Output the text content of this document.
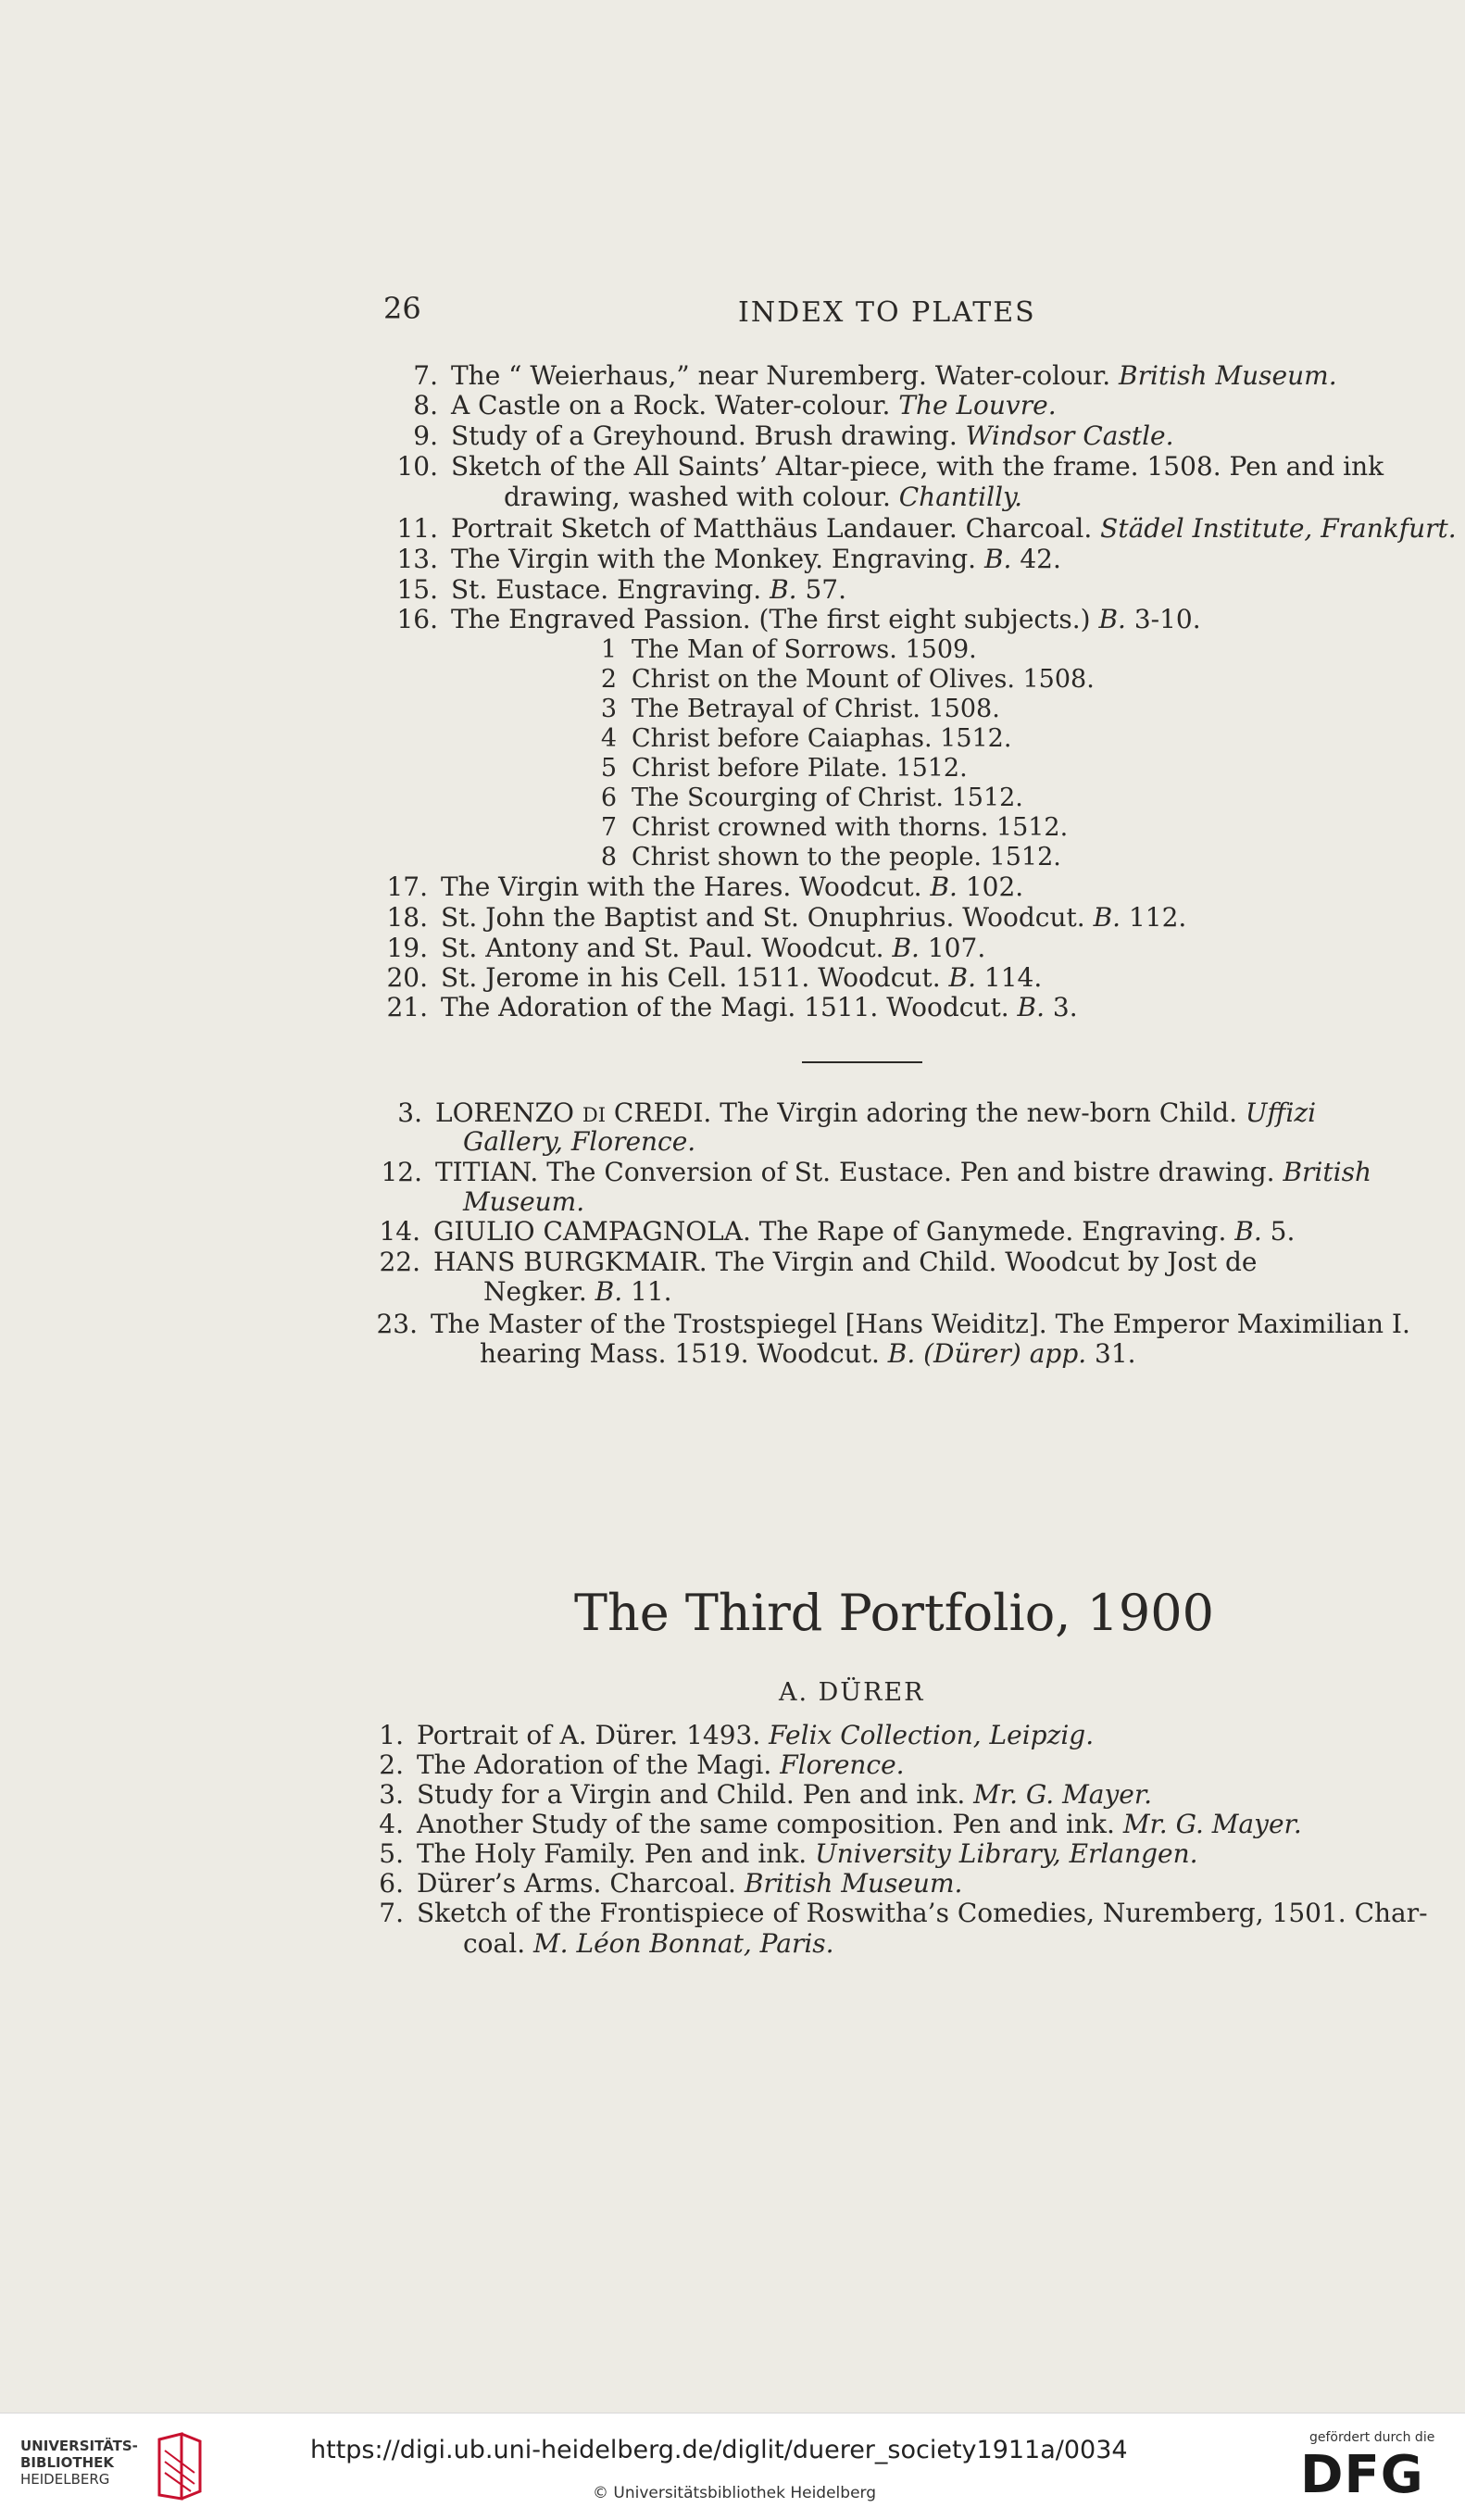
26	INDEX TO PLATES
7. The “ Weierhaus,” near Nuremberg. Water-colour. British Museum.
8. A Castle on a Rock. Water-colour. The Louvre.
9. Study of a Greyhound. Brush drawing. Windsor Castle.
10. Sketch of the All Saints’ Altar-piece, with the frame. 1508. Pen and ink
drawing, washed with colour. Chantilly.
11. Portrait Sketch of Matthäus Landauer. Charcoal. Städel Institute, Frankfurt.
13. The Virgin with the Monkey. Engraving. B. 42.
15. St. Eustace. Engraving. B. 57.
16. The Engraved Passion. (The first eight subjects.) B. 3-10.
1 The Man of Sorrows. 1509.
2 Christ on the Mount of Olives. 1508.
3 The Betrayal of Christ. 1508.
4 Christ before Caiaphas. 1512.
5 Christ before Pilate. 1512.
6 The Scourging of Christ. 1512.
7 Christ crowned with thorns. 1512.
8 Christ shown to the people. 1512.
17. The Virgin with the Hares. Woodcut. B. 102.
18. St. John the Baptist and St. Onuphrius. Woodcut. B. 112.
19. St. Antony and St. Paul. Woodcut. B. 107.
20. St. Jerome in his Cell. 1511. Woodcut. B. 114.
21. The Adoration of the Magi. 1511. Woodcut. B. 3.
3. LORENZO DI CREDI. The Virgin adoring the new-born Child. Uffizi
Gallery, Florence.
12. TITIAN. The Conversion of St. Eustace. Pen and bistre drawing. British
Museum.
14. GIULIO CAMPAGNOLA. The Rape of Ganymede. Engraving. B. 5.
22. HANS BURGKMAIR. The Virgin and Child. Woodcut by Jost de
Negker. B. 11.
23. The Master of the Trostspiegel [Hans Weiditz]. The Emperor Maximilian I.
hearing Mass. 1519. Woodcut. B. (Dürer) app. 31.
The Third Portfolio, 1900
A. DÜRER
1. Portrait of A. Dürer. 1493. Felix Collection, Leipzig.
2. The Adoration of the Magi. Florence.
3. Study for a Virgin and Child. Pen and ink. Mr. G. Mayer.
4. Another Study of the same composition. Pen and ink. Mr. G. Mayer.
5. The Holy Family. Pen and ink. University Library, Erlangen.
6. Dürer’s Arms. Charcoal. British Museum.
7. Sketch of the Frontispiece of Roswitha’s Comedies, Nuremberg, 1501. Char-
coal. M. Léon Bonnat, Paris.
UNIVERSITÄTS-
BIBLIOTHEK
HEIDELBERG
https://digi.ub.uni-heidelberg.de/diglit/duerer_society1911a/0034
© Universitätsbibliothek Heidelberg
gefördert durch die
DFG
